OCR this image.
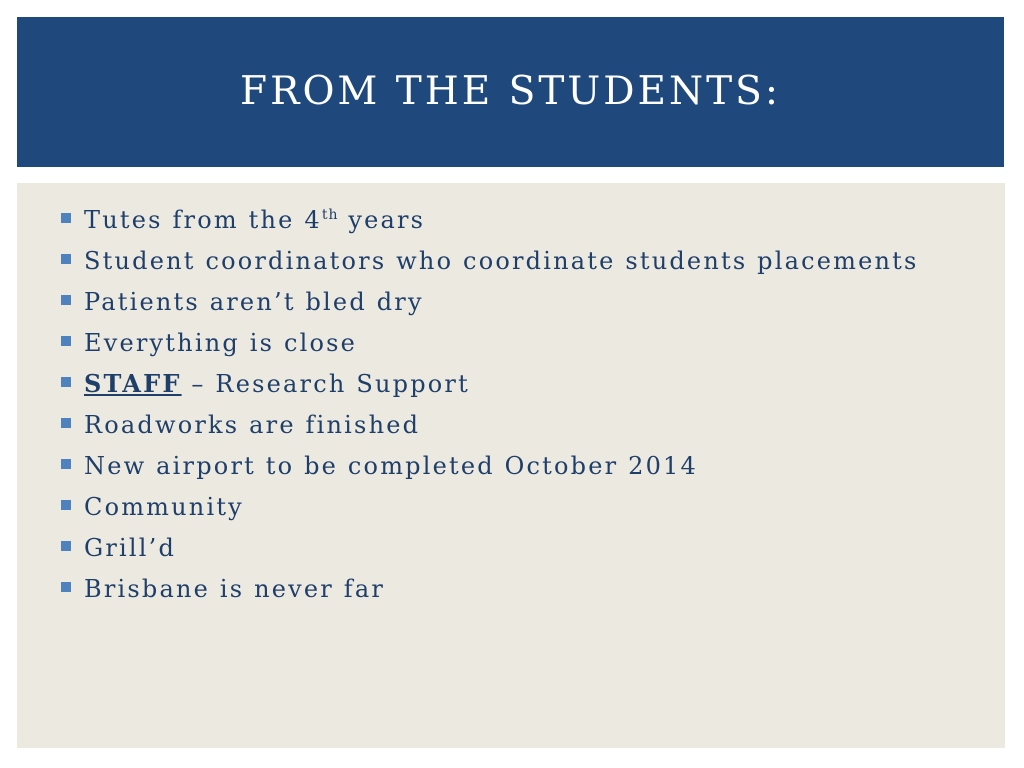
FROM THE STUDENTS:
Tutes from the 4th years
Student coordinators who coordinate students placements
Patients aren’t bled dry
Everything is close
STAFF – Research Support
Roadworks are finished
New airport to be completed October 2014
Community
Grill’d
Brisbane is never far
